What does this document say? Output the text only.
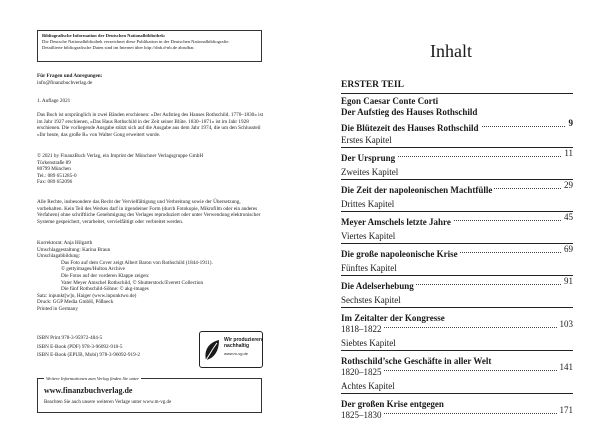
Bibliografische Information der Deutschen Nationalbibliothek:
Die Deutsche Nationalbibliothek verzeichnet diese Publikation in der Deutschen Nationalbibliografie.
Detaillierte bibliografische Daten sind im Internet über http://dnb.d-nb.de abrufbar.
Für Fragen und Anregungen:
info@finanzbuchverlag.de
1. Auflage 2021
Das Buch ist ursprünglich in zwei Bänden erschienen: »Der Aufstieg des Hauses Rothschild. 1770–1830« ist im Jahr 1927 erschienen, »Das Haus Rothschild in der Zeit seiner Blüte. 1830–1871« ist im Jahr 1928 erschienen. Die vorliegende Ausgabe stützt sich auf die Ausgabe aus dem Jahr 1974, die um den Schlussteil »Ihr heute, das große R« von Walter Gong erweitert wurde.
© 2021 by FinanzBuch Verlag, ein Imprint der Münchner Verlagsgruppe GmbH
Türkenstraße 89
80799 München
Tel.: 089 651285-0
Fax: 089 652096
Alle Rechte, insbesondere das Recht der Vervielfältigung und Verbreitung sowie der Übersetzung, vorbehalten. Kein Teil des Werkes darf in irgendeiner Form (durch Fotokopie, Mikrofilm oder ein anderes Verfahren) ohne schriftliche Genehmigung des Verlages reproduziert oder unter Verwendung elektronischer Systeme gespeichert, verarbeitet, vervielfältigt oder verbreitet werden.
Korrektorat: Anja Hilgarth
Umschlaggestaltung: Karina Braun
Umschlagabbildung:
Das Foto auf dem Cover zeigt Albert Baron von Rothschild (1844-1911).
© gettyimages/Hulton Archive
Die Fotos auf der vorderen Klappe zeigen:
Vater Meyer Amschel Rothschild, © Shutterstock/Everett Collection
Die fünf Rothschild-Söhne: © akg-images
Satz: inpunkt[w]o, Haiger (www.inpunktwo.de)
Druck: GGP Media GmbH, Pößneck
Printed in Germany
ISBN Print 978-3-95972-484-5
ISBN E-Book (PDF) 978-3-96092-918-5
ISBN E-Book (EPUB, Mobi) 978-3-96092-919-2
Wir produzieren
nachhaltig
www.m-vg.de
Weitere Informationen zum Verlag finden Sie unter
www.finanzbuchverlag.de
Beachten Sie auch unsere weiteren Verlage unter www.m-vg.de
Inhalt
ERSTER TEIL
Egon Caesar Conte Corti
Der Aufstieg des Hauses Rothschild
Die Blütezeit des Hauses Rothschild	9
Erstes Kapitel
Der Ursprung	11
Zweites Kapitel
Die Zeit der napoleonischen Machtfülle	29
Drittes Kapitel
Meyer Amschels letzte Jahre	45
Viertes Kapitel
Die große napoleonische Krise	69
Fünftes Kapitel
Die Adelserhebung	91
Sechstes Kapitel
Im Zeitalter der Kongresse
1818–1822	103
Siebtes Kapitel
Rothschild’sche Geschäfte in aller Welt
1820–1825	141
Achtes Kapitel
Der großen Krise entgegen
1825–1830	171
